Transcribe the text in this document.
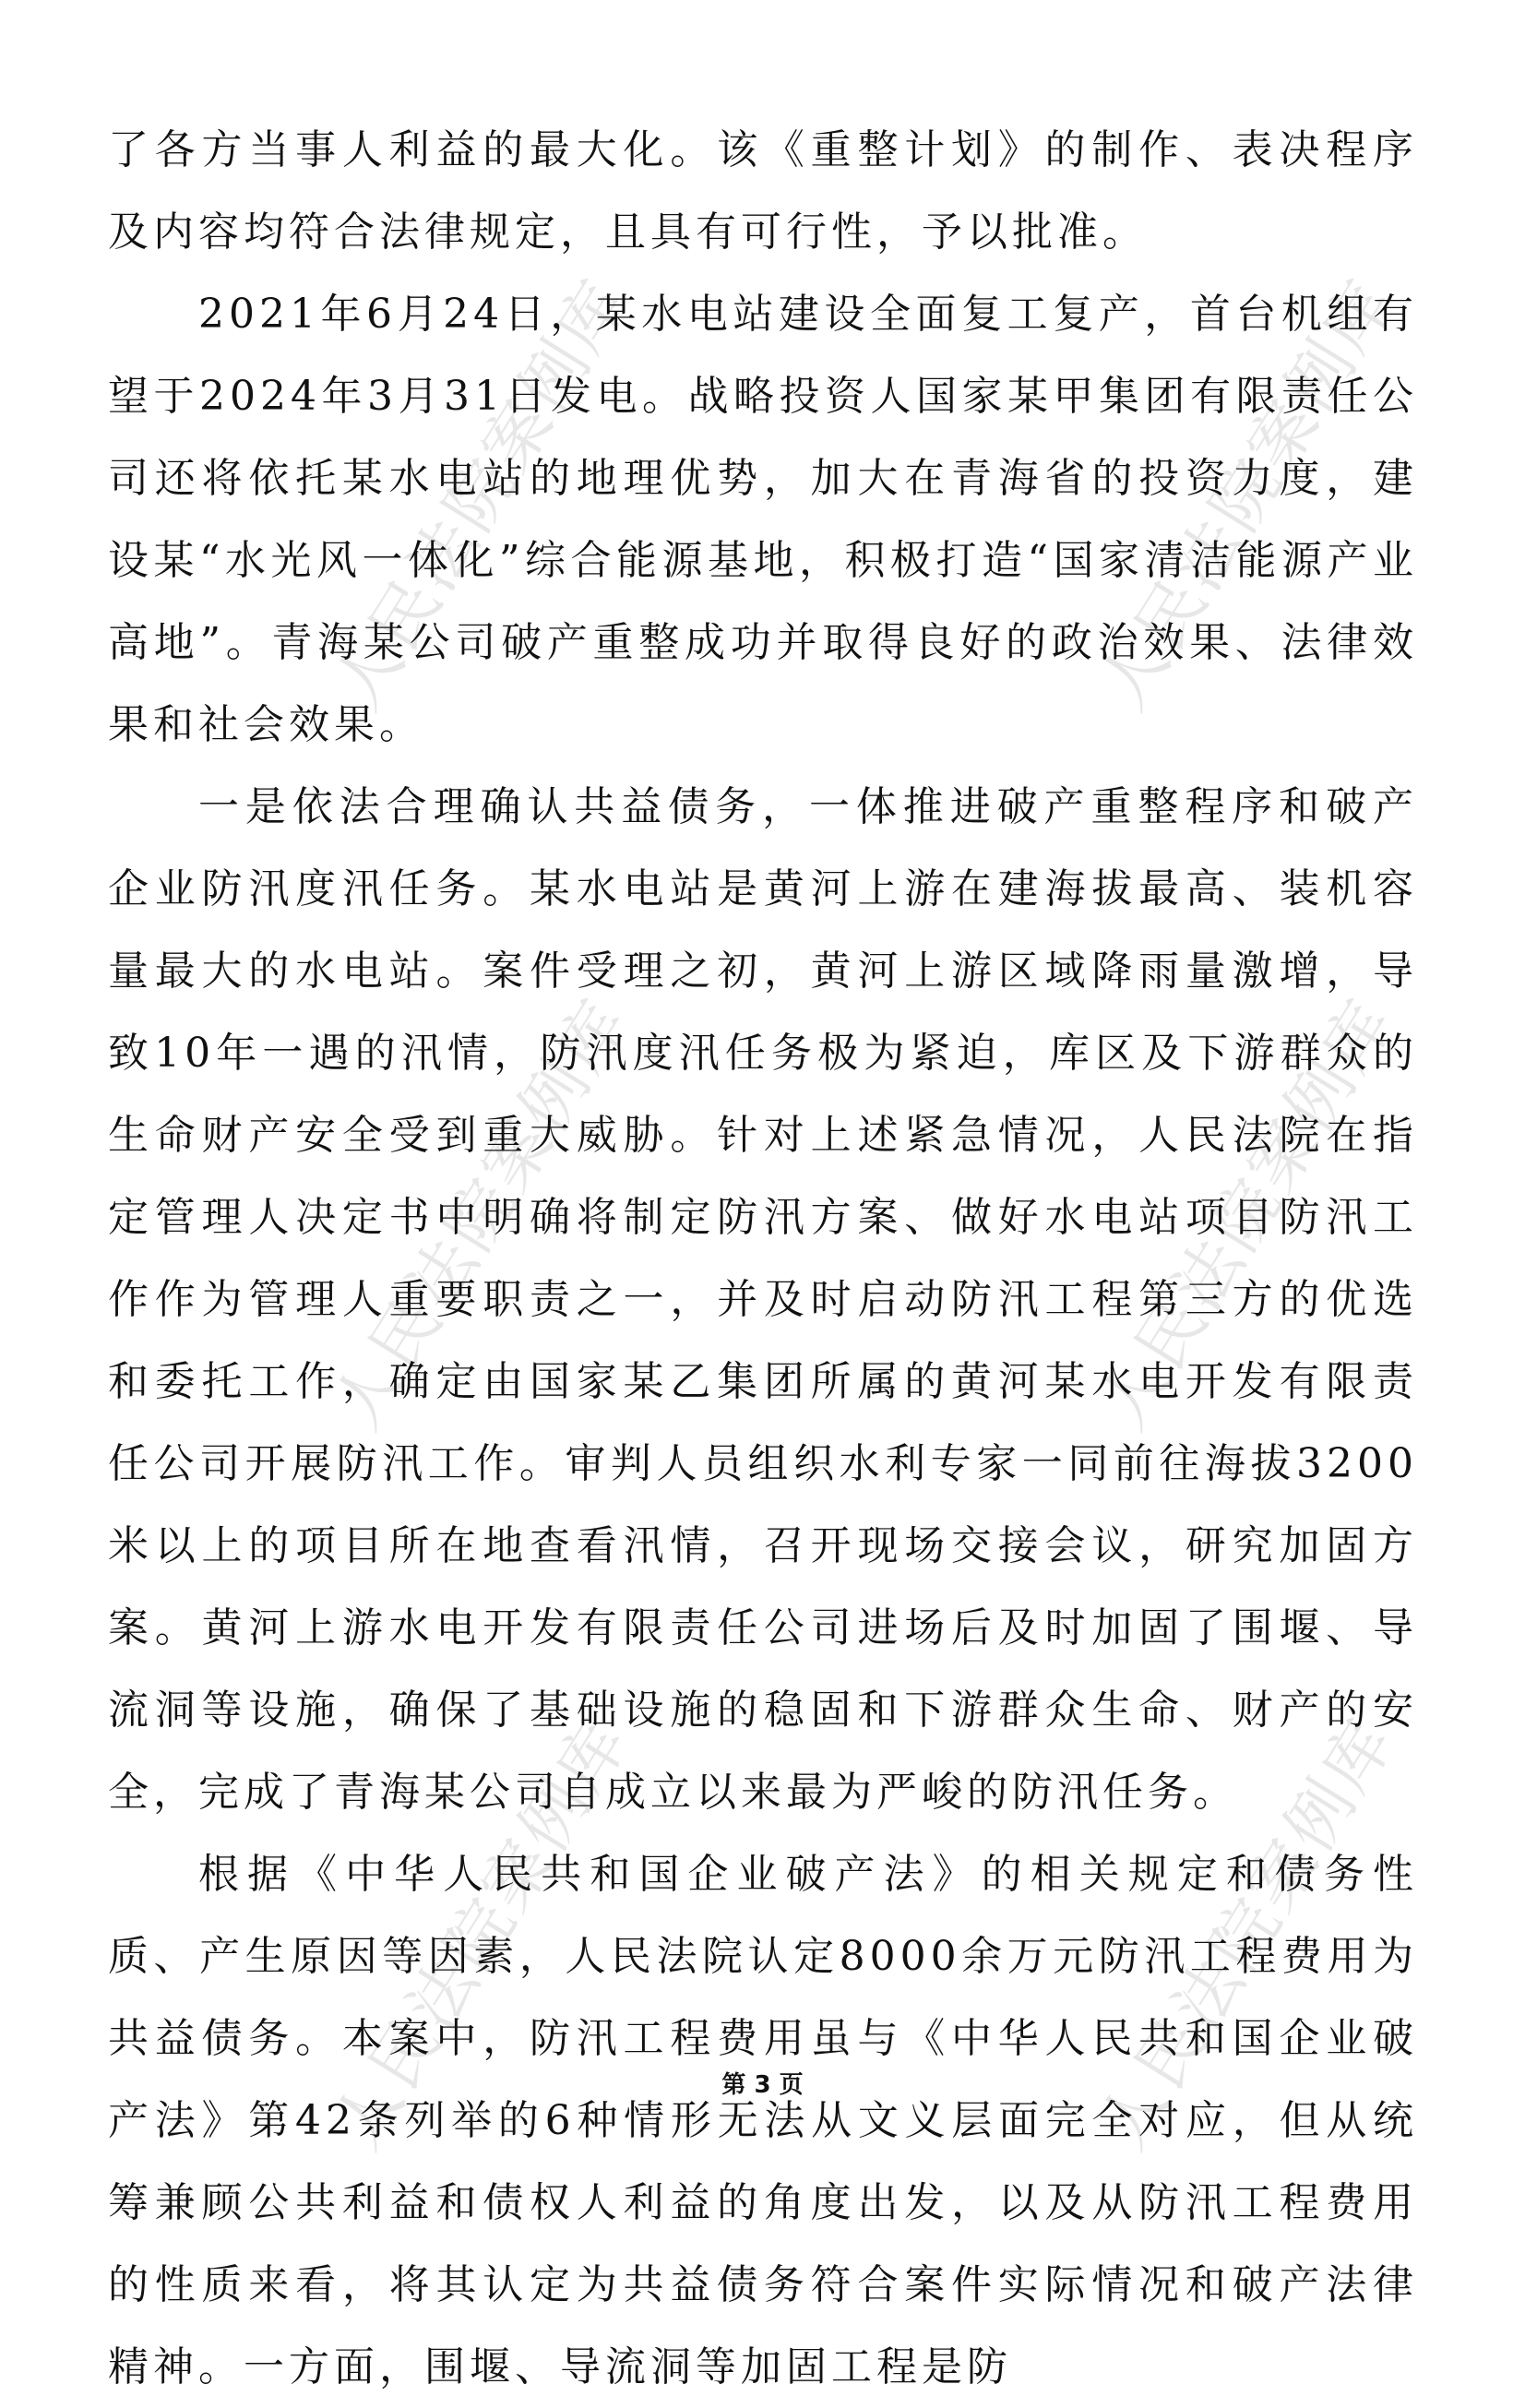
人民法院案例库	人民法院案例库
人民法院案例库	人民法院案例库
人民法院案例库	人民法院案例库

了各方当事人利益的最大化。该《重整计划》的制作、表决程序及内容均符合法律规定，且具有可行性，予以批准。

2021年6月24日，某水电站建设全面复工复产，首台机组有望于2024年3月31日发电。战略投资人国家某甲集团有限责任公司还将依托某水电站的地理优势，加大在青海省的投资力度，建设某“水光风一体化”综合能源基地，积极打造“国家清洁能源产业高地”。青海某公司破产重整成功并取得良好的政治效果、法律效果和社会效果。

一是依法合理确认共益债务，一体推进破产重整程序和破产企业防汛度汛任务。某水电站是黄河上游在建海拔最高、装机容量最大的水电站。案件受理之初，黄河上游区域降雨量激增，导致10年一遇的汛情，防汛度汛任务极为紧迫，库区及下游群众的生命财产安全受到重大威胁。针对上述紧急情况，人民法院在指定管理人决定书中明确将制定防汛方案、做好水电站项目防汛工作作为管理人重要职责之一，并及时启动防汛工程第三方的优选和委托工作，确定由国家某乙集团所属的黄河某水电开发有限责任公司开展防汛工作。审判人员组织水利专家一同前往海拔3200米以上的项目所在地查看汛情，召开现场交接会议，研究加固方案。黄河上游水电开发有限责任公司进场后及时加固了围堰、导流洞等设施，确保了基础设施的稳固和下游群众生命、财产的安全，完成了青海某公司自成立以来最为严峻的防汛任务。

根据《中华人民共和国企业破产法》的相关规定和债务性质、产生原因等因素，人民法院认定8000余万元防汛工程费用为共益债务。本案中，防汛工程费用虽与《中华人民共和国企业破产法》第42条列举的6种情形无法从文义层面完全对应，但从统筹兼顾公共利益和债权人利益的角度出发，以及从防汛工程费用的性质来看，将其认定为共益债务符合案件实际情况和破产法律精神。一方面，围堰、导流洞等加固工程是防

第 3 页
